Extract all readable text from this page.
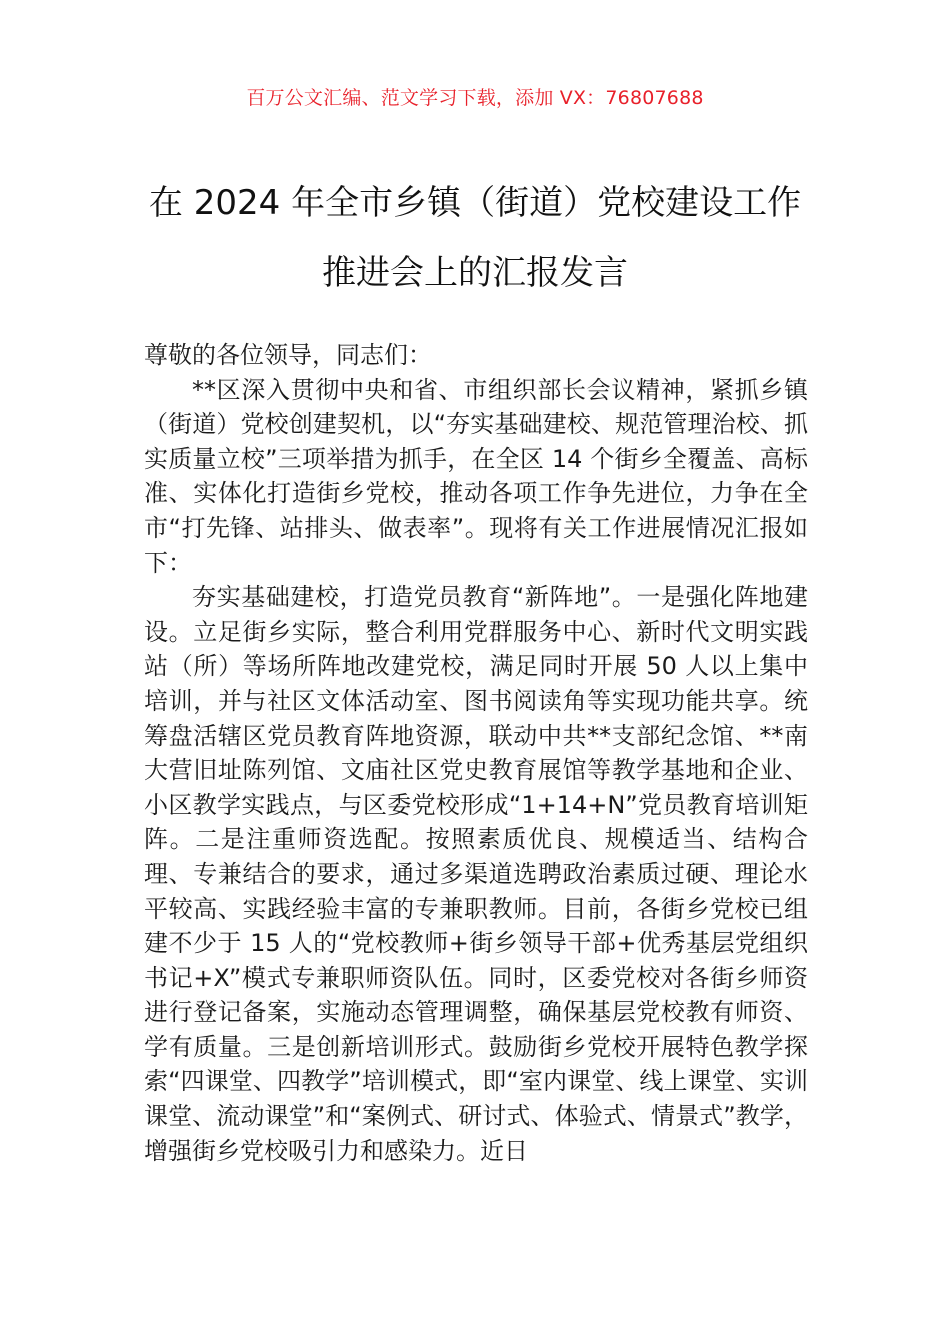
百万公文汇编、范文学习下载，添加 VX：76807688
在 2024 年全市乡镇（街道）党校建设工作
推进会上的汇报发言

尊敬的各位领导，同志们：

**区深入贯彻中央和省、市组织部长会议精神，紧抓乡镇（街道）党校创建契机，以“夯实基础建校、规范管理治校、抓实质量立校”三项举措为抓手，在全区 14 个街乡全覆盖、高标准、实体化打造街乡党校，推动各项工作争先进位，力争在全市“打先锋、站排头、做表率”。现将有关工作进展情况汇报如下：

夯实基础建校，打造党员教育“新阵地”。一是强化阵地建设。立足街乡实际，整合利用党群服务中心、新时代文明实践站（所）等场所阵地改建党校，满足同时开展 50 人以上集中培训，并与社区文体活动室、图书阅读角等实现功能共享。统筹盘活辖区党员教育阵地资源，联动中共**支部纪念馆、**南大营旧址陈列馆、文庙社区党史教育展馆等教学基地和企业、小区教学实践点，与区委党校形成“1+14+N”党员教育培训矩阵。二是注重师资选配。按照素质优良、规模适当、结构合理、专兼结合的要求，通过多渠道选聘政治素质过硬、理论水平较高、实践经验丰富的专兼职教师。目前，各街乡党校已组建不少于 15 人的“党校教师+街乡领导干部+优秀基层党组织书记+X”模式专兼职师资队伍。同时，区委党校对各街乡师资进行登记备案，实施动态管理调整，确保基层党校教有师资、学有质量。三是创新培训形式。鼓励街乡党校开展特色教学探索“四课堂、四教学”培训模式，即“室内课堂、线上课堂、实训课堂、流动课堂”和“案例式、研讨式、体验式、情景式”教学，增强街乡党校吸引力和感染力。近日
